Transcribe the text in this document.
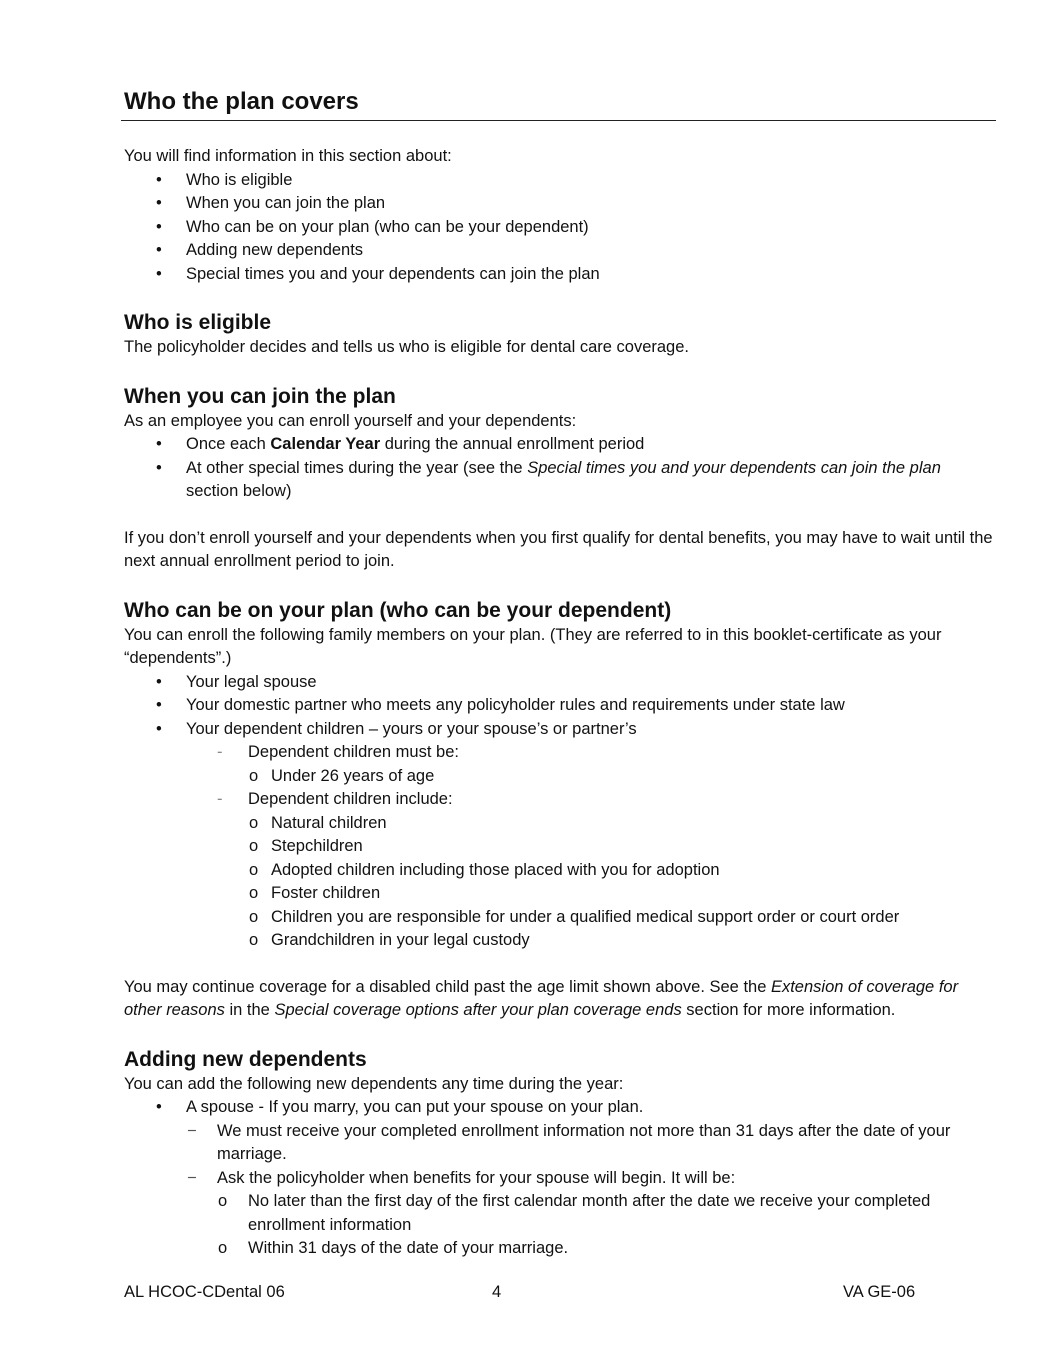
Who the plan covers

You will find information in this section about:

• Who is eligible
• When you can join the plan
• Who can be on your plan (who can be your dependent)
• Adding new dependents
• Special times you and your dependents can join the plan
Who is eligible

The policyholder decides and tells us who is eligible for dental care coverage.

When you can join the plan

As an employee you can enroll yourself and your dependents:

• Once each Calendar Year during the annual enrollment period
• At other special times during the year (see the Special times you and your dependents can join the plan section below)

If you don’t enroll yourself and your dependents when you first qualify for dental benefits, you may have to wait until the next annual enrollment period to join.

Who can be on your plan (who can be your dependent)

You can enroll the following family members on your plan. (They are referred to in this booklet-certificate as your “dependents”.)

• Your legal spouse
• Your domestic partner who meets any policyholder rules and requirements under state law
• Your dependent children – yours or your spouse’s or partner’s
- Dependent children must be:
o Under 26 years of age
- Dependent children include:
o Natural children
o Stepchildren
o Adopted children including those placed with you for adoption
o Foster children
o Children you are responsible for under a qualified medical support order or court order
o Grandchildren in your legal custody

You may continue coverage for a disabled child past the age limit shown above. See the Extension of coverage for other reasons in the Special coverage options after your plan coverage ends section for more information.

Adding new dependents

You can add the following new dependents any time during the year:

• A spouse - If you marry, you can put your spouse on your plan.
− We must receive your completed enrollment information not more than 31 days after the date of your marriage.
− Ask the policyholder when benefits for your spouse will begin. It will be:
o No later than the first day of the first calendar month after the date we receive your completed enrollment information
o Within 31 days of the date of your marriage.
AL HCOC-CDental 06	4	VA GE-06
